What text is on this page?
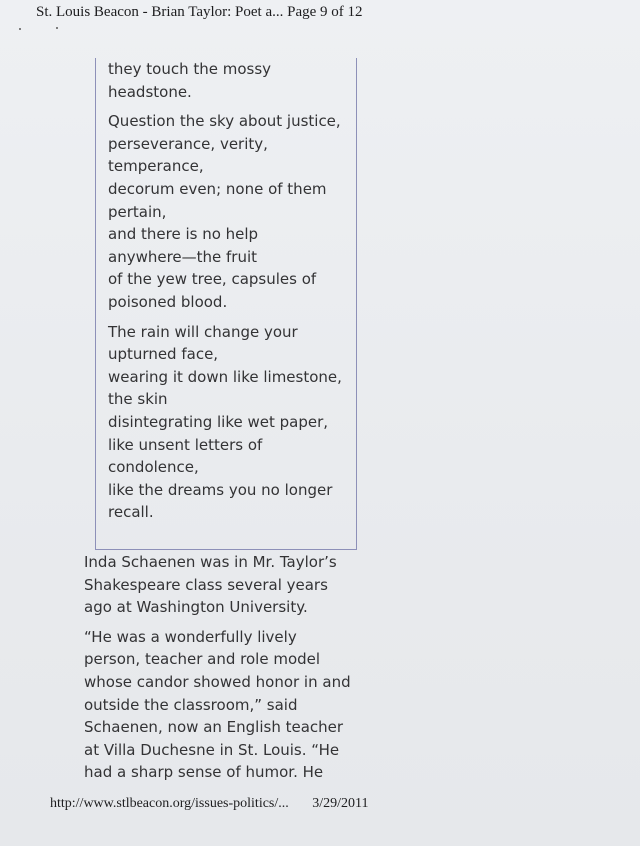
St. Louis Beacon - Brian Taylor: Poet a... Page 9 of 12

they touch the mossy
headstone.

Question the sky about justice,
perseverance, verity,
temperance,
decorum even; none of them
pertain,
and there is no help
anywhere—the fruit
of the yew tree, capsules of
poisoned blood.

The rain will change your
upturned face,
wearing it down like limestone,
the skin
disintegrating like wet paper,
like unsent letters of
condolence,
like the dreams you no longer
recall.

Inda Schaenen was in Mr. Taylor’s
Shakespeare class several years
ago at Washington University.

“He was a wonderfully lively
person, teacher and role model
whose candor showed honor in and
outside the classroom,” said
Schaenen, now an English teacher
at Villa Duchesne in St. Louis. “He
had a sharp sense of humor. He

http://www.stlbeacon.org/issues-politics/... 3/29/2011
